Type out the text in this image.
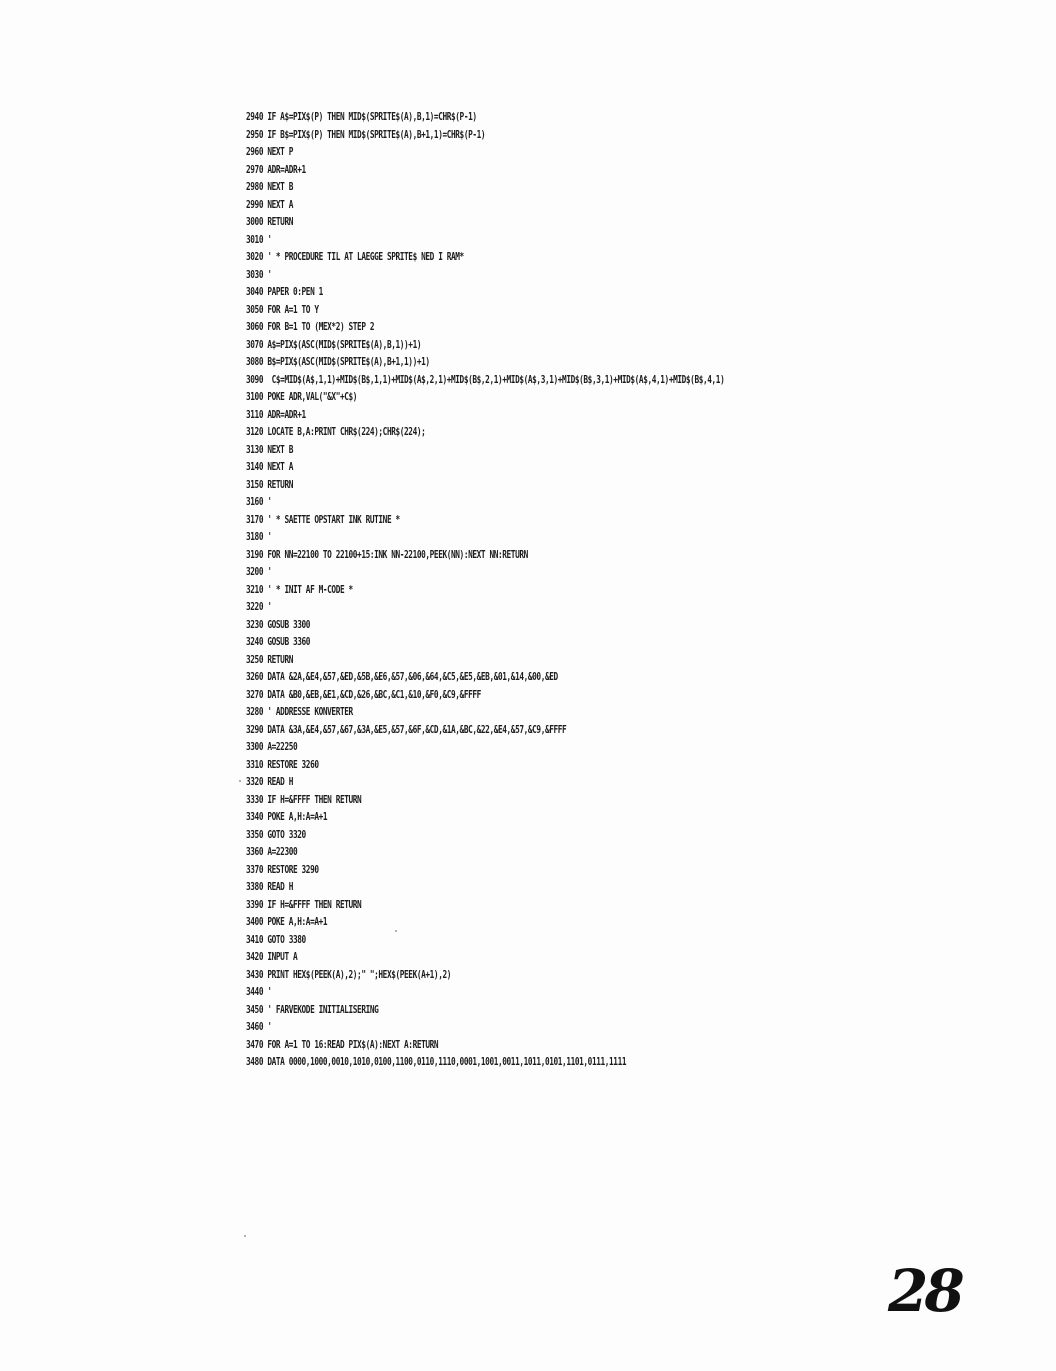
2940 IF A$=PIX$(P) THEN MID$(SPRITE$(A),B,1)=CHR$(P-1)
2950 IF B$=PIX$(P) THEN MID$(SPRITE$(A),B+1,1)=CHR$(P-1)
2960 NEXT P
2970 ADR=ADR+1
2980 NEXT B
2990 NEXT A
3000 RETURN
3010 '
3020 ' * PROCEDURE TIL AT LAEGGE SPRITE$ NED I RAM*
3030 '
3040 PAPER 0:PEN 1
3050 FOR A=1 TO Y
3060 FOR B=1 TO (MEX*2) STEP 2
3070 A$=PIX$(ASC(MID$(SPRITE$(A),B,1))+1)
3080 B$=PIX$(ASC(MID$(SPRITE$(A),B+1,1))+1)
3090  C$=MID$(A$,1,1)+MID$(B$,1,1)+MID$(A$,2,1)+MID$(B$,2,1)+MID$(A$,3,1)+MID$(B$,3,1)+MID$(A$,4,1)+MID$(B$,4,1)
3100 POKE ADR,VAL("&X"+C$)
3110 ADR=ADR+1
3120 LOCATE B,A:PRINT CHR$(224);CHR$(224);
3130 NEXT B
3140 NEXT A
3150 RETURN
3160 '
3170 ' * SAETTE OPSTART INK RUTINE *
3180 '
3190 FOR NN=22100 TO 22100+15:INK NN-22100,PEEK(NN):NEXT NN:RETURN
3200 '
3210 ' * INIT AF M-CODE *
3220 '
3230 GOSUB 3300
3240 GOSUB 3360
3250 RETURN
3260 DATA &2A,&E4,&57,&ED,&5B,&E6,&57,&06,&64,&C5,&E5,&EB,&01,&14,&00,&ED
3270 DATA &B0,&EB,&E1,&CD,&26,&BC,&C1,&10,&F0,&C9,&FFFF
3280 ' ADDRESSE KONVERTER
3290 DATA &3A,&E4,&57,&67,&3A,&E5,&57,&6F,&CD,&1A,&BC,&22,&E4,&57,&C9,&FFFF
3300 A=22250
3310 RESTORE 3260
3320 READ H
3330 IF H=&FFFF THEN RETURN
3340 POKE A,H:A=A+1
3350 GOTO 3320
3360 A=22300
3370 RESTORE 3290
3380 READ H
3390 IF H=&FFFF THEN RETURN
3400 POKE A,H:A=A+1
3410 GOTO 3380
3420 INPUT A
3430 PRINT HEX$(PEEK(A),2);" ";HEX$(PEEK(A+1),2)
3440 '
3450 ' FARVEKODE INITIALISERING
3460 '
3470 FOR A=1 TO 16:READ PIX$(A):NEXT A:RETURN
3480 DATA 0000,1000,0010,1010,0100,1100,0110,1110,0001,1001,0011,1011,0101,1101,0111,1111
28
